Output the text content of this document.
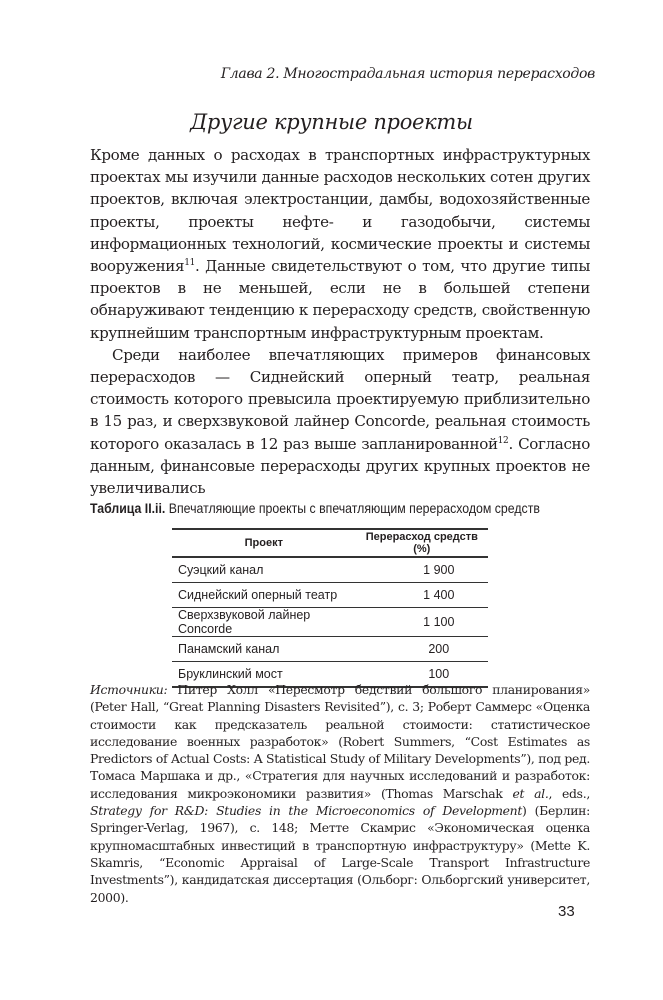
Глава 2. Многострадальная история перерасходов
Другие крупные проекты

Кроме данных о расходах в транспортных инфраструктурных проектах мы изучили данные расходов нескольких сотен других проектов, включая электростанции, дамбы, водохозяйственные проекты, проекты нефте- и газодобычи, системы информационных технологий, космические проекты и системы вооружения$^{11}$. Данные свидетельствуют о том, что другие типы проектов в не меньшей, если не в большей степени обнаруживают тенденцию к перерасходу средств, свойственную крупнейшим транспортным инфраструктурным проектам.

Среди наиболее впечатляющих примеров финансовых перерасходов — Сиднейский оперный театр, реальная стоимость которого превысила проектируемую приблизительно в 15 раз, и сверхзвуковой лайнер Concorde, реальная стоимость которого оказалась в 12 раз выше запланированной$^{12}$. Согласно данным, финансовые перерасходы других крупных проектов не увеличивались

Таблица II.ii. Впечатляющие проекты с впечатляющим перерасходом средств
Проект	Перерасход средств (%)
Суэцкий канал	1 900
Сиднейский оперный театр	1 400
Сверхзвуковой лайнер Concorde	1 100
Панамский канал	200
Бруклинский мост	100
Источники: Питер Холл «Пересмотр бедствий большого планирования» (Peter Hall, “Great Planning Disasters Revisited”), с. 3; Роберт Саммерс «Оценка стоимости как предсказатель реальной стоимости: статистическое исследование военных разработок» (Robert Summers, “Cost Estimates as Predictors of Actual Costs: A Statistical Study of Military Developments”), под ред. Томаса Маршака и др., «Стратегия для научных исследований и разработок: исследования микроэкономики развития» (Thomas Marschak et al., eds., Strategy for R&D: Studies in the Microeconomics of Development) (Берлин: Springer-Verlag, 1967), с. 148; Метте Скамрис «Экономическая оценка крупномасштабных инвестиций в транспортную инфраструктуру» (Mette K. Skamris, “Economic Appraisal of Large-Scale Transport Infrastructure Investments”), кандидатская диссертация (Ольборг: Ольборгский университет, 2000).
33
